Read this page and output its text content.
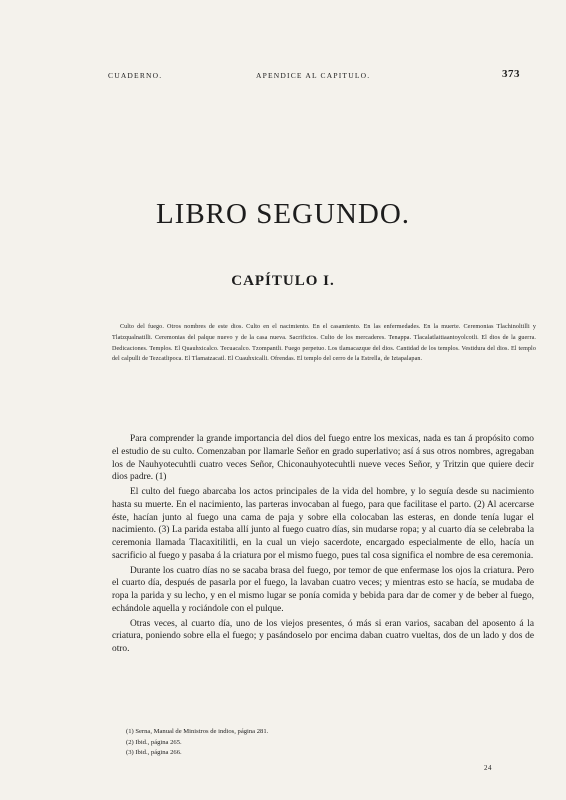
CUADERNO.	APENDICE AL CAPITULO.	373
LIBRO SEGUNDO.
CAPÍTULO I.
Culto del fuego. Otros nombres de este dios. Culto en el nacimiento. En el casamiento. En las enfermedades. En la muerte. Ceremonias Tlachinoltilli y Tlatzqualnatilli. Ceremonias del palque nuevo y de la casa nueva. Sacrificios. Culto de los mercaderes. Tenappa. Tlacalatlaitiaantoyolcotli. El dios de la guerra. Dedicaciones. Templos. El Quauhxicalco. Tecuacalco. Tzompantli. Fuego perpetuo. Los tlamacazque del dios. Cantidad de los templos. Vestidura del dios. El templo del calpulli de Tezcatlipoca. El Tlamatzacatl. El Cuauhxicalli. Ofrendas. El templo del cerro de la Estrella, de Iztapalapan.

Para comprender la grande importancia del dios del fuego entre los mexicas, nada es tan á propósito como el estudio de su culto. Comenzaban por llamarle Señor en grado superlativo; así á sus otros nombres, agregaban los de Nauhyotecuhtli cuatro veces Señor, Chiconauhyotecuhtli nueve veces Señor, y Tritzin que quiere decir dios padre. (1)

El culto del fuego abarcaba los actos principales de la vida del hombre, y lo seguía desde su nacimiento hasta su muerte. En el nacimiento, las parteras invocaban al fuego, para que facilitase el parto. (2) Al acercarse éste, hacían junto al fuego una cama de paja y sobre ella colocaban las esteras, en donde tenía lugar el nacimiento. (3) La parida estaba allí junto al fuego cuatro días, sin mudarse ropa; y al cuarto día se celebraba la ceremonia llamada Tlacaxitilitli, en la cual un viejo sacerdote, encargado especialmente de ello, hacía un sacrificio al fuego y pasaba á la criatura por el mismo fuego, pues tal cosa significa el nombre de esa ceremonia.

Durante los cuatro días no se sacaba brasa del fuego, por temor de que enfermase los ojos la criatura. Pero el cuarto día, después de pasarla por el fuego, la lavaban cuatro veces; y mientras esto se hacía, se mudaba de ropa la parida y su lecho, y en el mismo lugar se ponía comida y bebida para dar de comer y de beber al fuego, echándole aquella y rociándole con el pulque.

Otras veces, al cuarto día, uno de los viejos presentes, ó más si eran varios, sacaban del aposento á la criatura, poniendo sobre ella el fuego; y pasándoselo por encima daban cuatro vueltas, dos de un lado y dos de otro.

(1) Serna, Manual de Ministros de indios, página 281.
(2) Ibid., página 265.
(3) Ibid., página 266.
24
